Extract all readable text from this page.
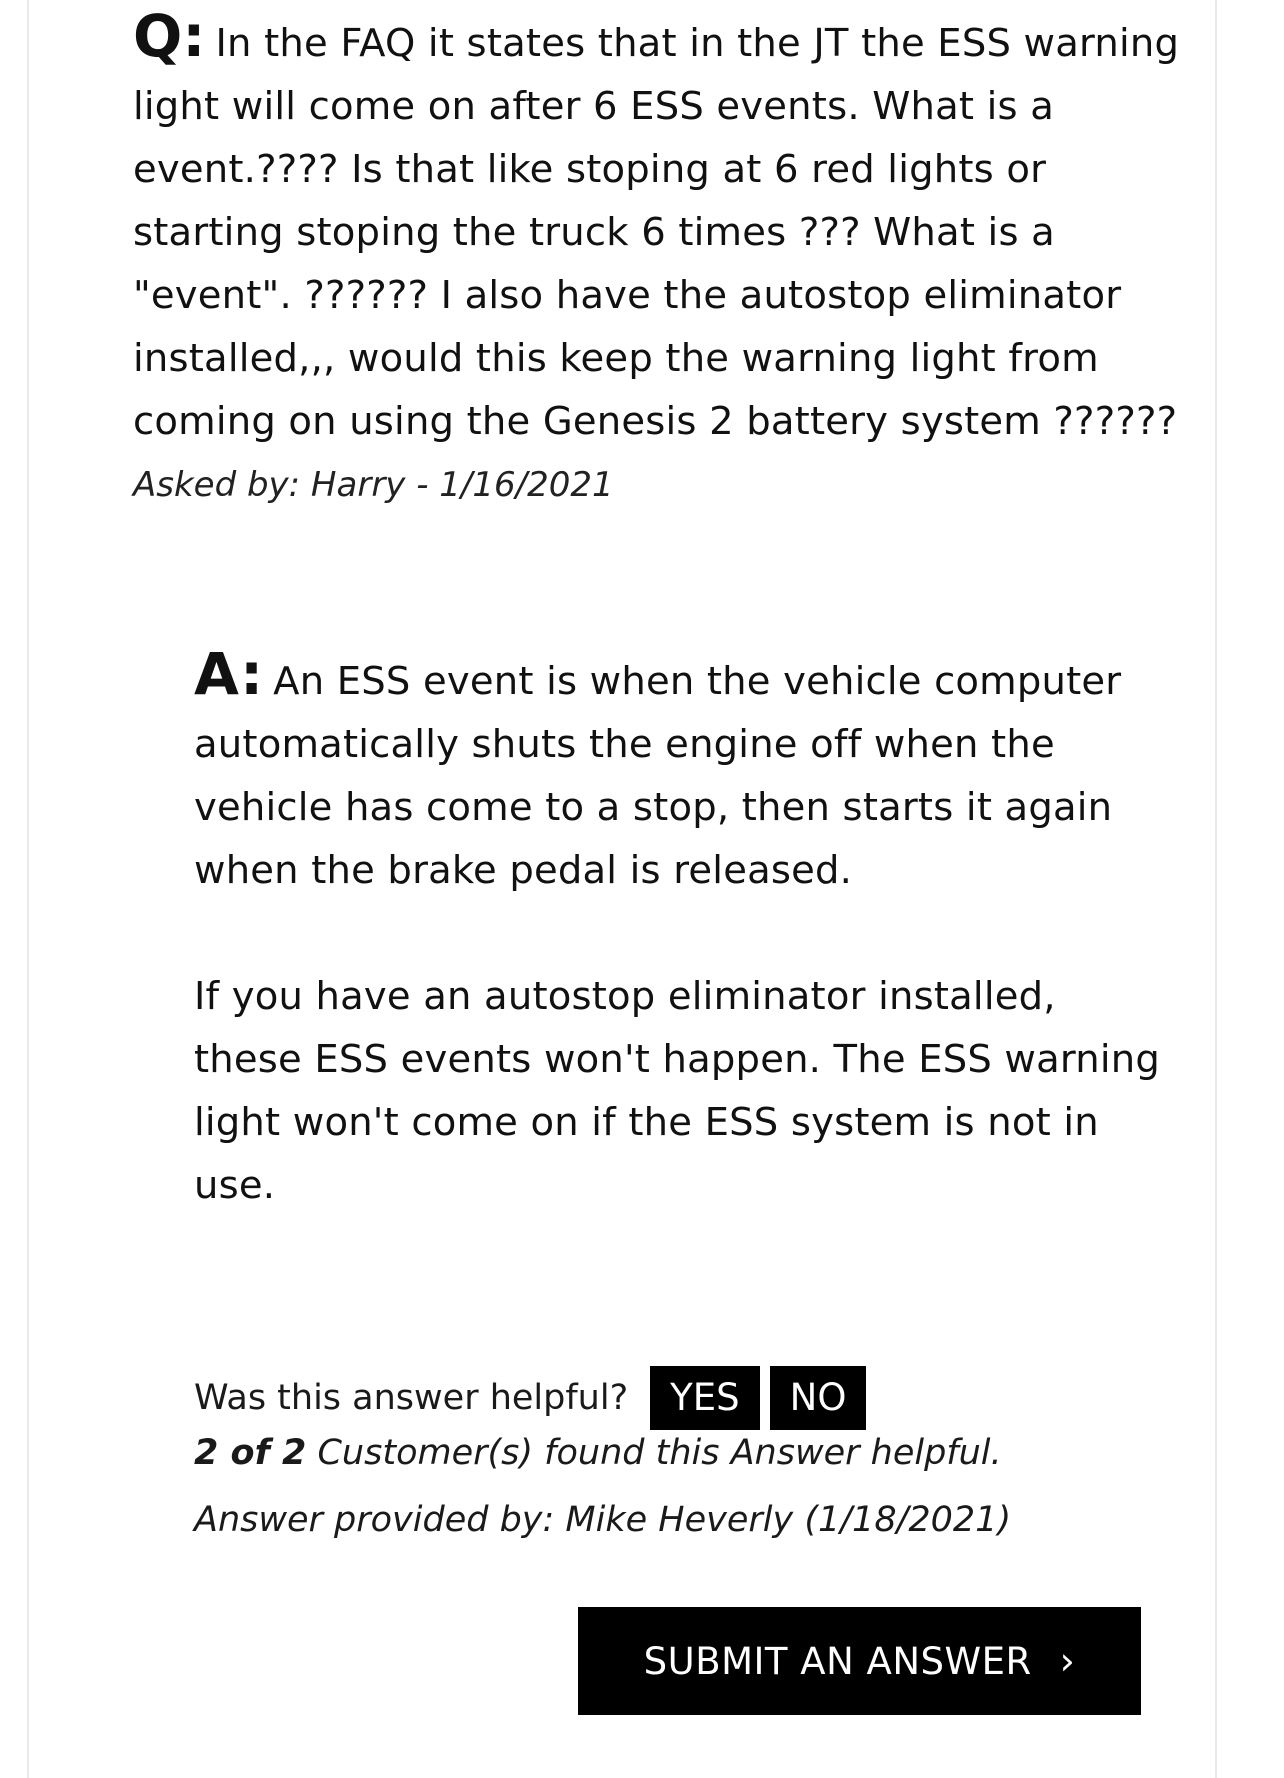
Q: In the FAQ it states that in the JT the ESS warning light will come on after 6 ESS events. What is a event.???? Is that like stoping at 6 red lights or starting stoping the truck 6 times ??? What is a "event". ?????? I also have the autostop eliminator installed,,, would this keep the warning light from coming on using the Genesis 2 battery system ??????

Asked by: Harry - 1/16/2021

A: An ESS event is when the vehicle computer automatically shuts the engine off when the vehicle has come to a stop, then starts it again when the brake pedal is released.

If you have an autostop eliminator installed, these ESS events won't happen. The ESS warning light won't come on if the ESS system is not in use.

Was this answer helpful?	YES	NO
2 of 2 Customer(s) found this Answer helpful.
Answer provided by: Mike Heverly (1/18/2021)
SUBMIT AN ANSWER ›
